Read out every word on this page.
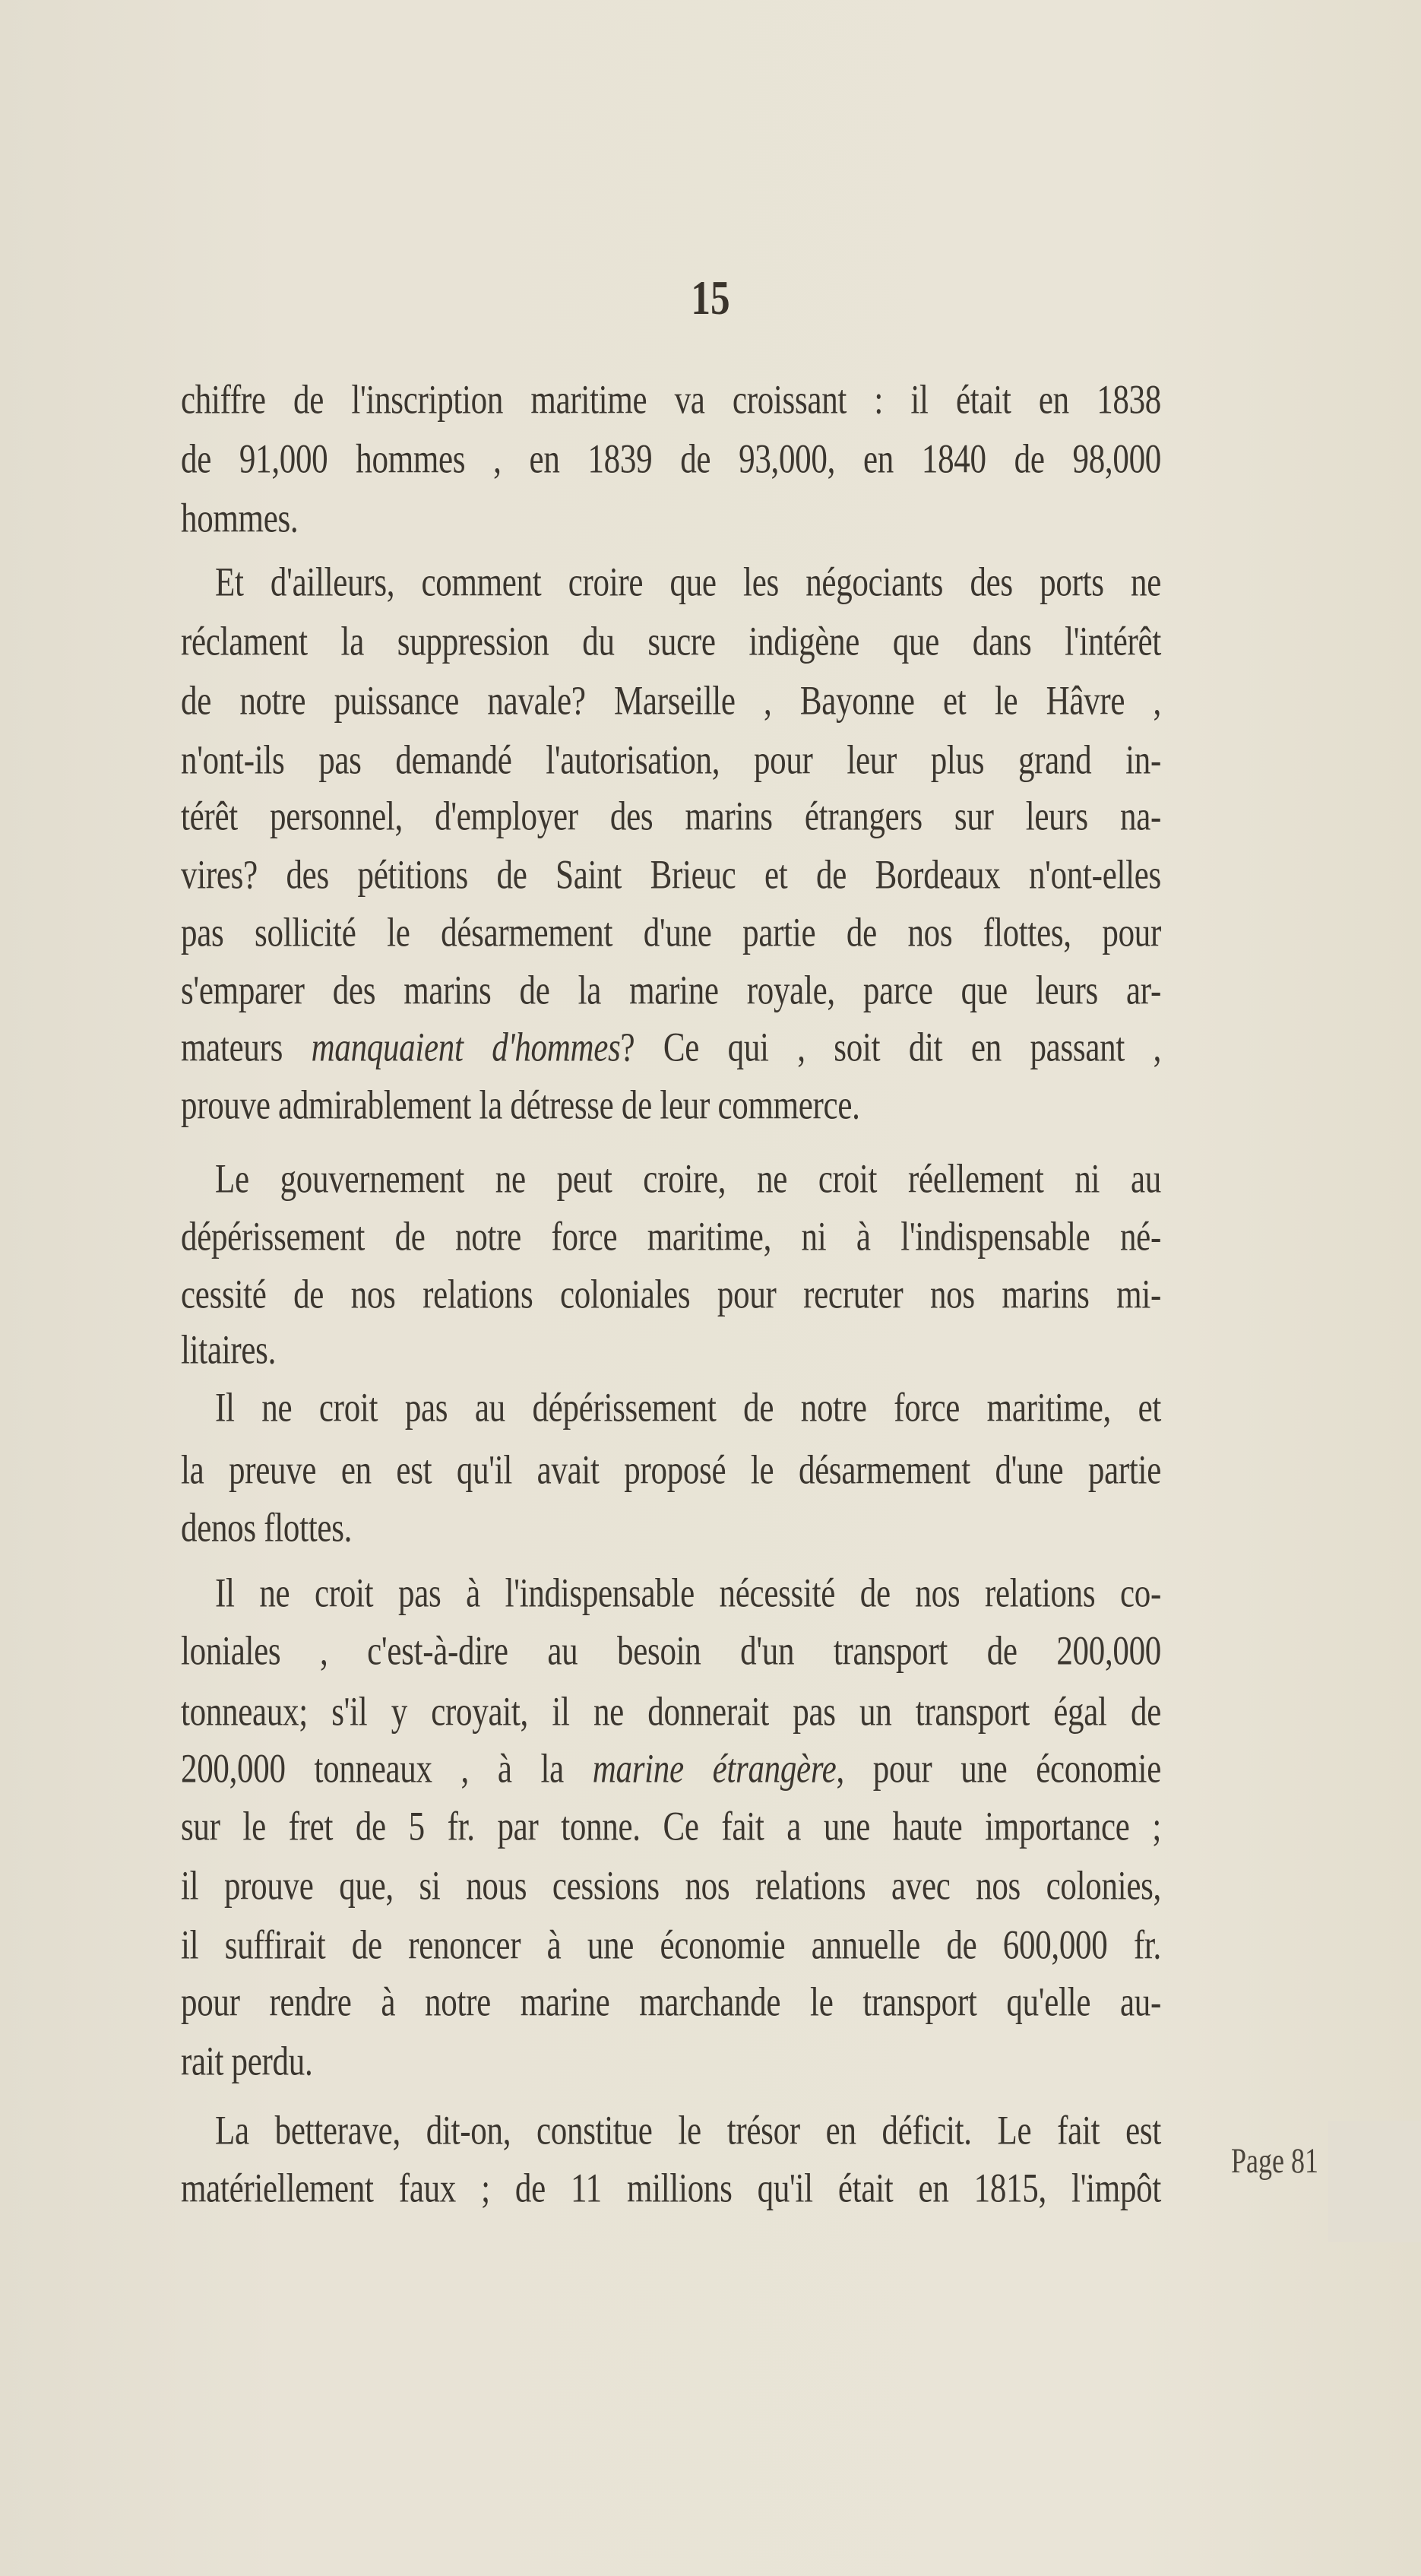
15
chiffre de l'inscription maritime va croissant : il était en 1838
de 91,000 hommes , en 1839 de 93,000, en 1840 de 98,000
hommes.
Et d'ailleurs, comment croire que les négociants des ports ne
réclament la suppression du sucre indigène que dans l'intérêt
de notre puissance navale? Marseille , Bayonne et le Hâvre ,
n'ont-ils pas demandé l'autorisation, pour leur plus grand in-
térêt personnel, d'employer des marins étrangers sur leurs na-
vires? des pétitions de Saint Brieuc et de Bordeaux n'ont-elles
pas sollicité le désarmement d'une partie de nos flottes, pour
s'emparer des marins de la marine royale, parce que leurs ar-
mateurs manquaient d'hommes? Ce qui , soit dit en passant ,
prouve admirablement la détresse de leur commerce.
Le gouvernement ne peut croire, ne croit réellement ni au
dépérissement de notre force maritime, ni à l'indispensable né-
cessité de nos relations coloniales pour recruter nos marins mi-
litaires.
Il ne croit pas au dépérissement de notre force maritime, et
la preuve en est qu'il avait proposé le désarmement d'une partie
denos flottes.
Il ne croit pas à l'indispensable nécessité de nos relations co-
loniales , c'est-à-dire au besoin d'un transport de 200,000
tonneaux; s'il y croyait, il ne donnerait pas un transport égal de
200,000 tonneaux , à la marine étrangère, pour une économie
sur le fret de 5 fr. par tonne. Ce fait a une haute importance ;
il prouve que, si nous cessions nos relations avec nos colonies,
il suffirait de renoncer à une économie annuelle de 600,000 fr.
pour rendre à notre marine marchande le transport qu'elle au-
rait perdu.
La betterave, dit-on, constitue le trésor en déficit. Le fait est
matériellement faux ; de 11 millions qu'il était en 1815, l'impôt
Page 81
